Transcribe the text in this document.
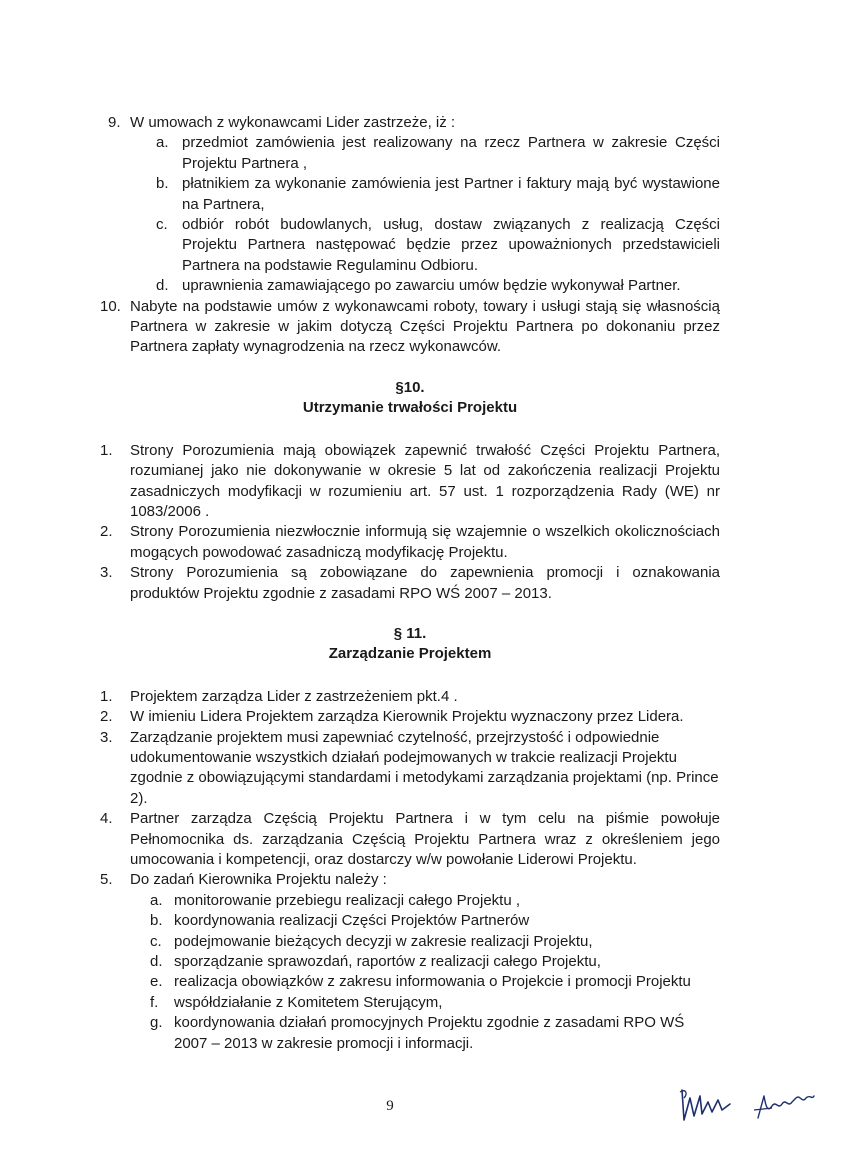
9. W umowach z wykonawcami Lider zastrzeże, iż :
a. przedmiot zamówienia jest realizowany na rzecz Partnera w zakresie Części Projektu Partnera ,
b. płatnikiem za wykonanie zamówienia jest Partner i faktury mają być wystawione na Partnera,
c. odbiór robót budowlanych, usług, dostaw związanych z realizacją Części Projektu Partnera następować będzie przez upoważnionych przedstawicieli Partnera na podstawie Regulaminu Odbioru.
d. uprawnienia zamawiającego po zawarciu umów będzie wykonywał Partner.
10. Nabyte na podstawie umów z wykonawcami roboty, towary i usługi stają się własnością Partnera w zakresie w jakim dotyczą Części Projektu Partnera po dokonaniu przez Partnera zapłaty wynagrodzenia na rzecz wykonawców.
§10.
Utrzymanie trwałości Projektu
1. Strony Porozumienia mają obowiązek zapewnić trwałość Części Projektu Partnera, rozumianej jako nie dokonywanie w okresie 5 lat od zakończenia realizacji Projektu zasadniczych modyfikacji w rozumieniu art. 57 ust. 1 rozporządzenia Rady (WE) nr 1083/2006 .
2. Strony Porozumienia niezwłocznie informują się wzajemnie o wszelkich okolicznościach mogących powodować zasadniczą modyfikację Projektu.
3. Strony Porozumienia są zobowiązane do zapewnienia promocji i oznakowania produktów Projektu zgodnie z zasadami RPO WŚ 2007 – 2013.
§ 11.
Zarządzanie Projektem
1. Projektem zarządza Lider z zastrzeżeniem pkt.4 .
2. W imieniu Lidera Projektem zarządza Kierownik Projektu wyznaczony przez Lidera.
3. Zarządzanie projektem musi zapewniać czytelność, przejrzystość i odpowiednie udokumentowanie wszystkich działań podejmowanych w trakcie realizacji Projektu zgodnie z obowiązującymi standardami i metodykami zarządzania projektami (np. Prince 2).
4. Partner zarządza Częścią Projektu Partnera i w tym celu na piśmie powołuje Pełnomocnika ds. zarządzania Częścią Projektu Partnera wraz z określeniem jego umocowania i kompetencji, oraz dostarczy w/w powołanie Liderowi Projektu.
5. Do zadań Kierownika Projektu należy :
a. monitorowanie przebiegu realizacji całego Projektu ,
b. koordynowania realizacji Części Projektów Partnerów
c. podejmowanie bieżących decyzji w zakresie realizacji Projektu,
d. sporządzanie sprawozdań, raportów z realizacji całego Projektu,
e. realizacja obowiązków z zakresu informowania o Projekcie i promocji Projektu
f. współdziałanie z Komitetem Sterującym,
g. koordynowania działań promocyjnych Projektu zgodnie z zasadami RPO WŚ 2007 – 2013 w zakresie promocji i informacji.
9
